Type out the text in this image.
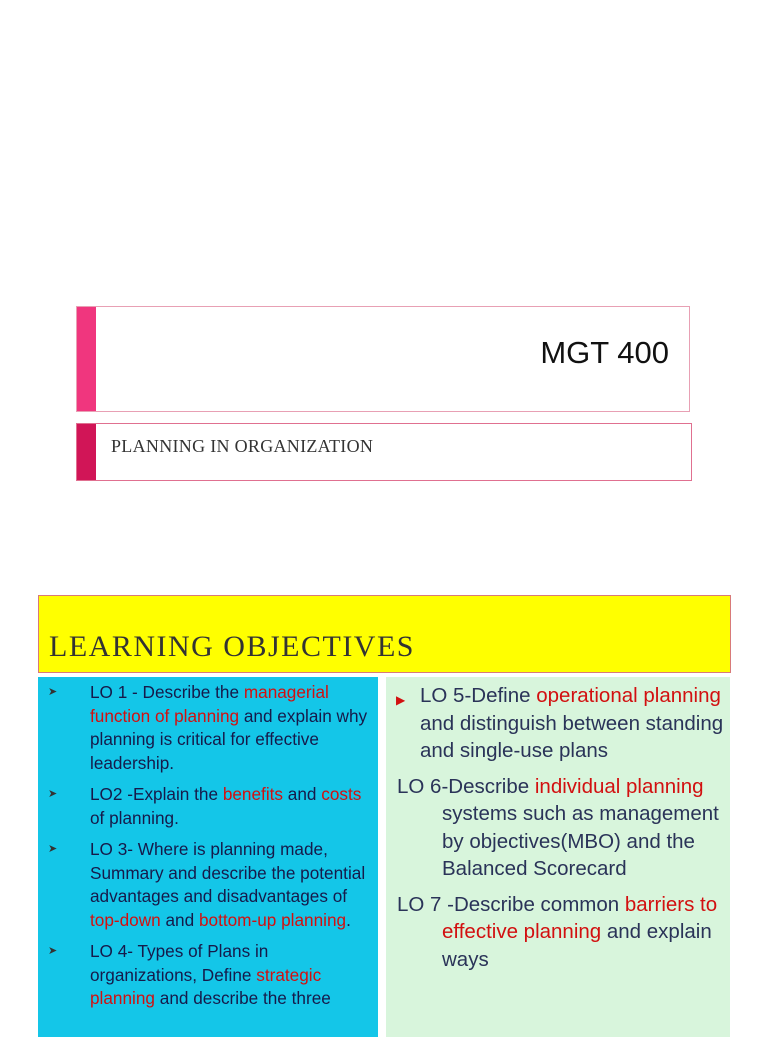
MGT 400
PLANNING IN ORGANIZATION
LEARNING OBJECTIVES
➤ LO 1 - Describe the managerial function of planning and explain why planning is critical for effective leadership.
➤ LO2 -Explain the benefits and costs of planning.
➤ LO 3- Where is planning made, Summary and describe the potential advantages and disadvantages of top-down and bottom-up planning.
➤ LO 4- Types of Plans in organizations, Define strategic planning and describe the three
▶ LO 5-Define operational planning and distinguish between standing and single-use plans
LO 6-Describe individual planning systems such as management by objectives(MBO) and the Balanced Scorecard
LO 7 -Describe common barriers to effective planning and explain ways
